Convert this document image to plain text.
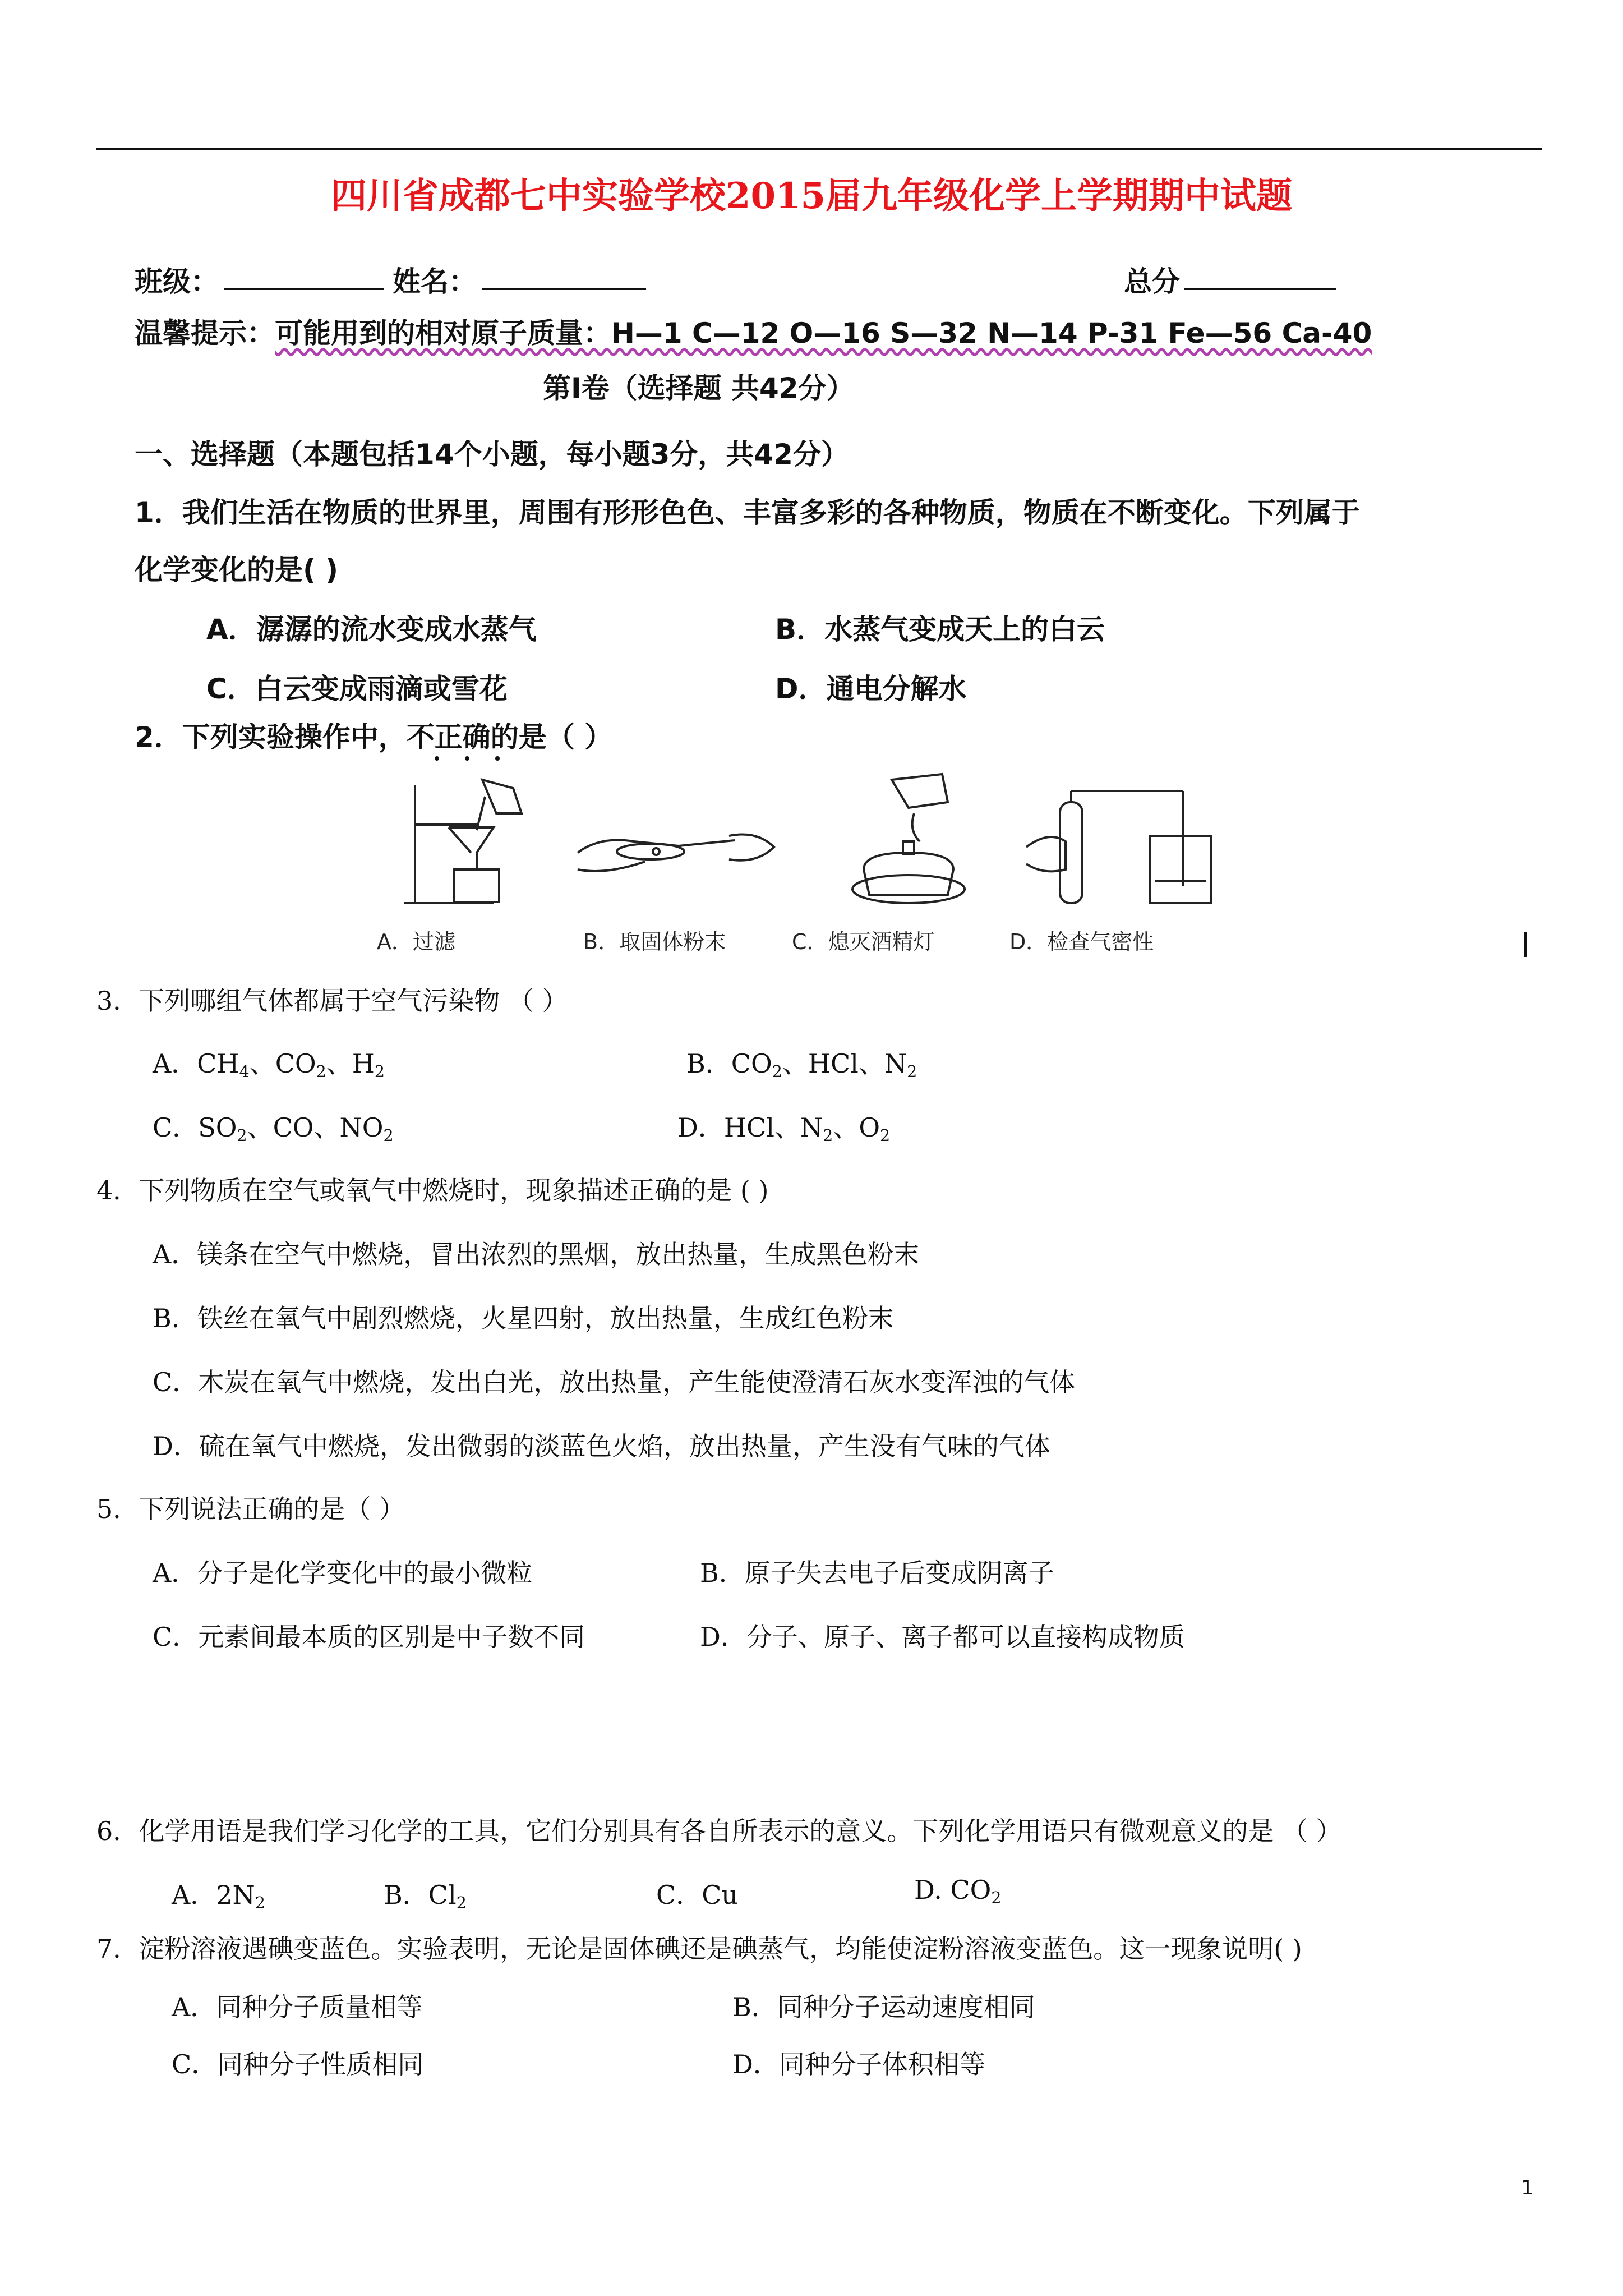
四川省成都七中实验学校2015届九年级化学上学期期中试题
班级：	姓名：	总分
温馨提示：可能用到的相对原子质量：H—1 C—12 O—16 S—32 N—14 P-31 Fe—56 Ca-40
第Ⅰ卷（选择题 共42分）
一、选择题（本题包括14个小题，每小题3分，共42分）
1．我们生活在物质的世界里，周围有形形色色、丰富多彩的各种物质，物质在不断变化。下列属于
化学变化的是( )
A．潺潺的流水变成水蒸气	B．水蒸气变成天上的白云
C．白云变成雨滴或雪花	D．通电分解水
2．下列实验操作中，不正确的是（ ）
A．过滤	B．取固体粉末	C．熄灭酒精灯	D．检查气密性
3．下列哪组气体都属于空气污染物 （ ）
A．$CH_4$、$CO_2$、$H_2$	B．$CO_2$、HCl、$N_2$
C．$SO_2$、CO、$NO_2$	D．HCl、$N_2$、$O_2$
4．下列物质在空气或氧气中燃烧时，现象描述正确的是 ( )
A．镁条在空气中燃烧，冒出浓烈的黑烟，放出热量，生成黑色粉末
B．铁丝在氧气中剧烈燃烧，火星四射，放出热量，生成红色粉末
C．木炭在氧气中燃烧，发出白光，放出热量，产生能使澄清石灰水变浑浊的气体
D．硫在氧气中燃烧，发出微弱的淡蓝色火焰，放出热量，产生没有气味的气体
5．下列说法正确的是（ ）
A．分子是化学变化中的最小微粒	B．原子失去电子后变成阴离子
C．元素间最本质的区别是中子数不同	D．分子、原子、离子都可以直接构成物质
6．化学用语是我们学习化学的工具，它们分别具有各自所表示的意义。下列化学用语只有微观意义的是 （ ）
A．$2N_2$	B．$Cl_2$	C．Cu	D. $CO_2$
7．淀粉溶液遇碘变蓝色。实验表明，无论是固体碘还是碘蒸气，均能使淀粉溶液变蓝色。这一现象说明( )
A．同种分子质量相等	B．同种分子运动速度相同
C．同种分子性质相同	D．同种分子体积相等
1
